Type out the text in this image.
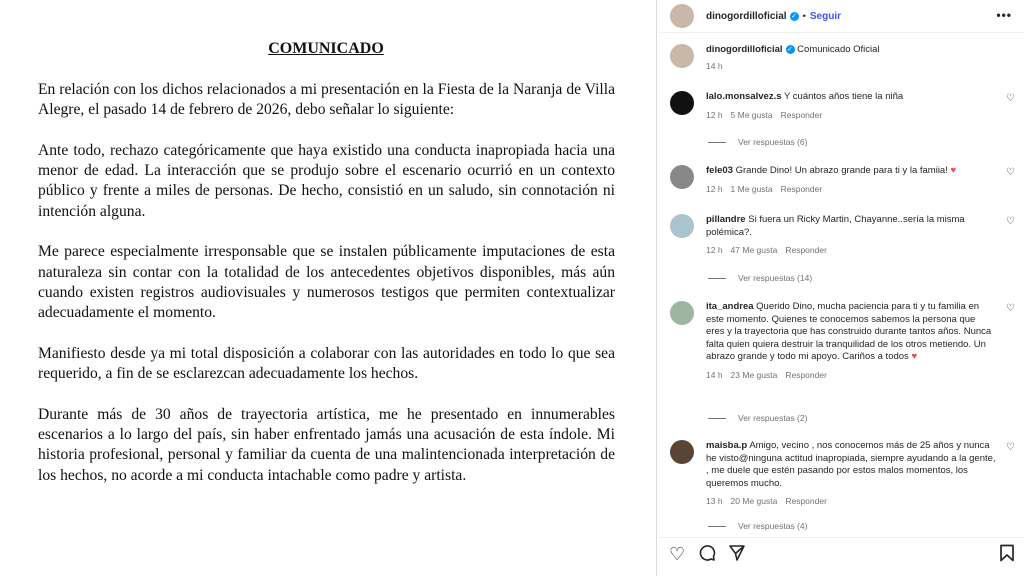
COMUNICADO

En relación con los dichos relacionados a mi presentación en la Fiesta de la Naranja de Villa Alegre, el pasado 14 de febrero de 2026, debo señalar lo siguiente:

Ante todo, rechazo categóricamente que haya existido una conducta inapropiada hacia una menor de edad. La interacción que se produjo sobre el escenario ocurrió en un contexto público y frente a miles de personas. De hecho, consistió en un saludo, sin connotación ni intención alguna.

Me parece especialmente irresponsable que se instalen públicamente imputaciones de esta naturaleza sin contar con la totalidad de los antecedentes objetivos disponibles, más aún cuando existen registros audiovisuales y numerosos testigos que permiten contextualizar adecuadamente el momento.

Manifiesto desde ya mi total disposición a colaborar con las autoridades en todo lo que sea requerido, a fin de se esclarezcan adecuadamente los hechos.

Durante más de 30 años de trayectoria artística, me he presentado en innumerables escenarios a lo largo del país, sin haber enfrentado jamás una acusación de esta índole. Mi historia profesional, personal y familiar da cuenta de una malintencionada interpretación de los hechos, no acorde a mi conducta intachable como padre y artista.

dinogordilloficial ✓ • Seguir	•••
dinogordilloficial ✓ Comunicado Oficial
14 h
lalo.monsalvez.s Y cuántos años tiene la niña
12 h 5 Me gusta Responder
♡
Ver respuestas (6)
fele03 Grande Dino! Un abrazo grande para ti y la famiia! ♥
12 h 1 Me gusta Responder
♡
pillandre Si fuera un Ricky Martin, Chayanne..sería la misma polémica?.
12 h 47 Me gusta Responder
♡
Ver respuestas (14)
ita_andrea Querido Dino, mucha paciencia para ti y tu familia en este momento. Quienes te conocemos sabemos la persona que eres y la trayectoria que has construido durante tantos años. Nunca falta quien quiera destruir la tranquilidad de los otros metiendo. Un abrazo grande y todo mi apoyo. Cariños a todos ♥
14 h 23 Me gusta Responder
♡
Ver respuestas (2)
maisba.p Amigo, vecino , nos conocemos más de 25 años y nunca he visto@ninguna actitud inapropiada, siempre ayudando a la gente, , me duele que estén pasando por estos malos momentos, los queremos mucho.
13 h 20 Me gusta Responder
♡
Ver respuestas (4)
♡
